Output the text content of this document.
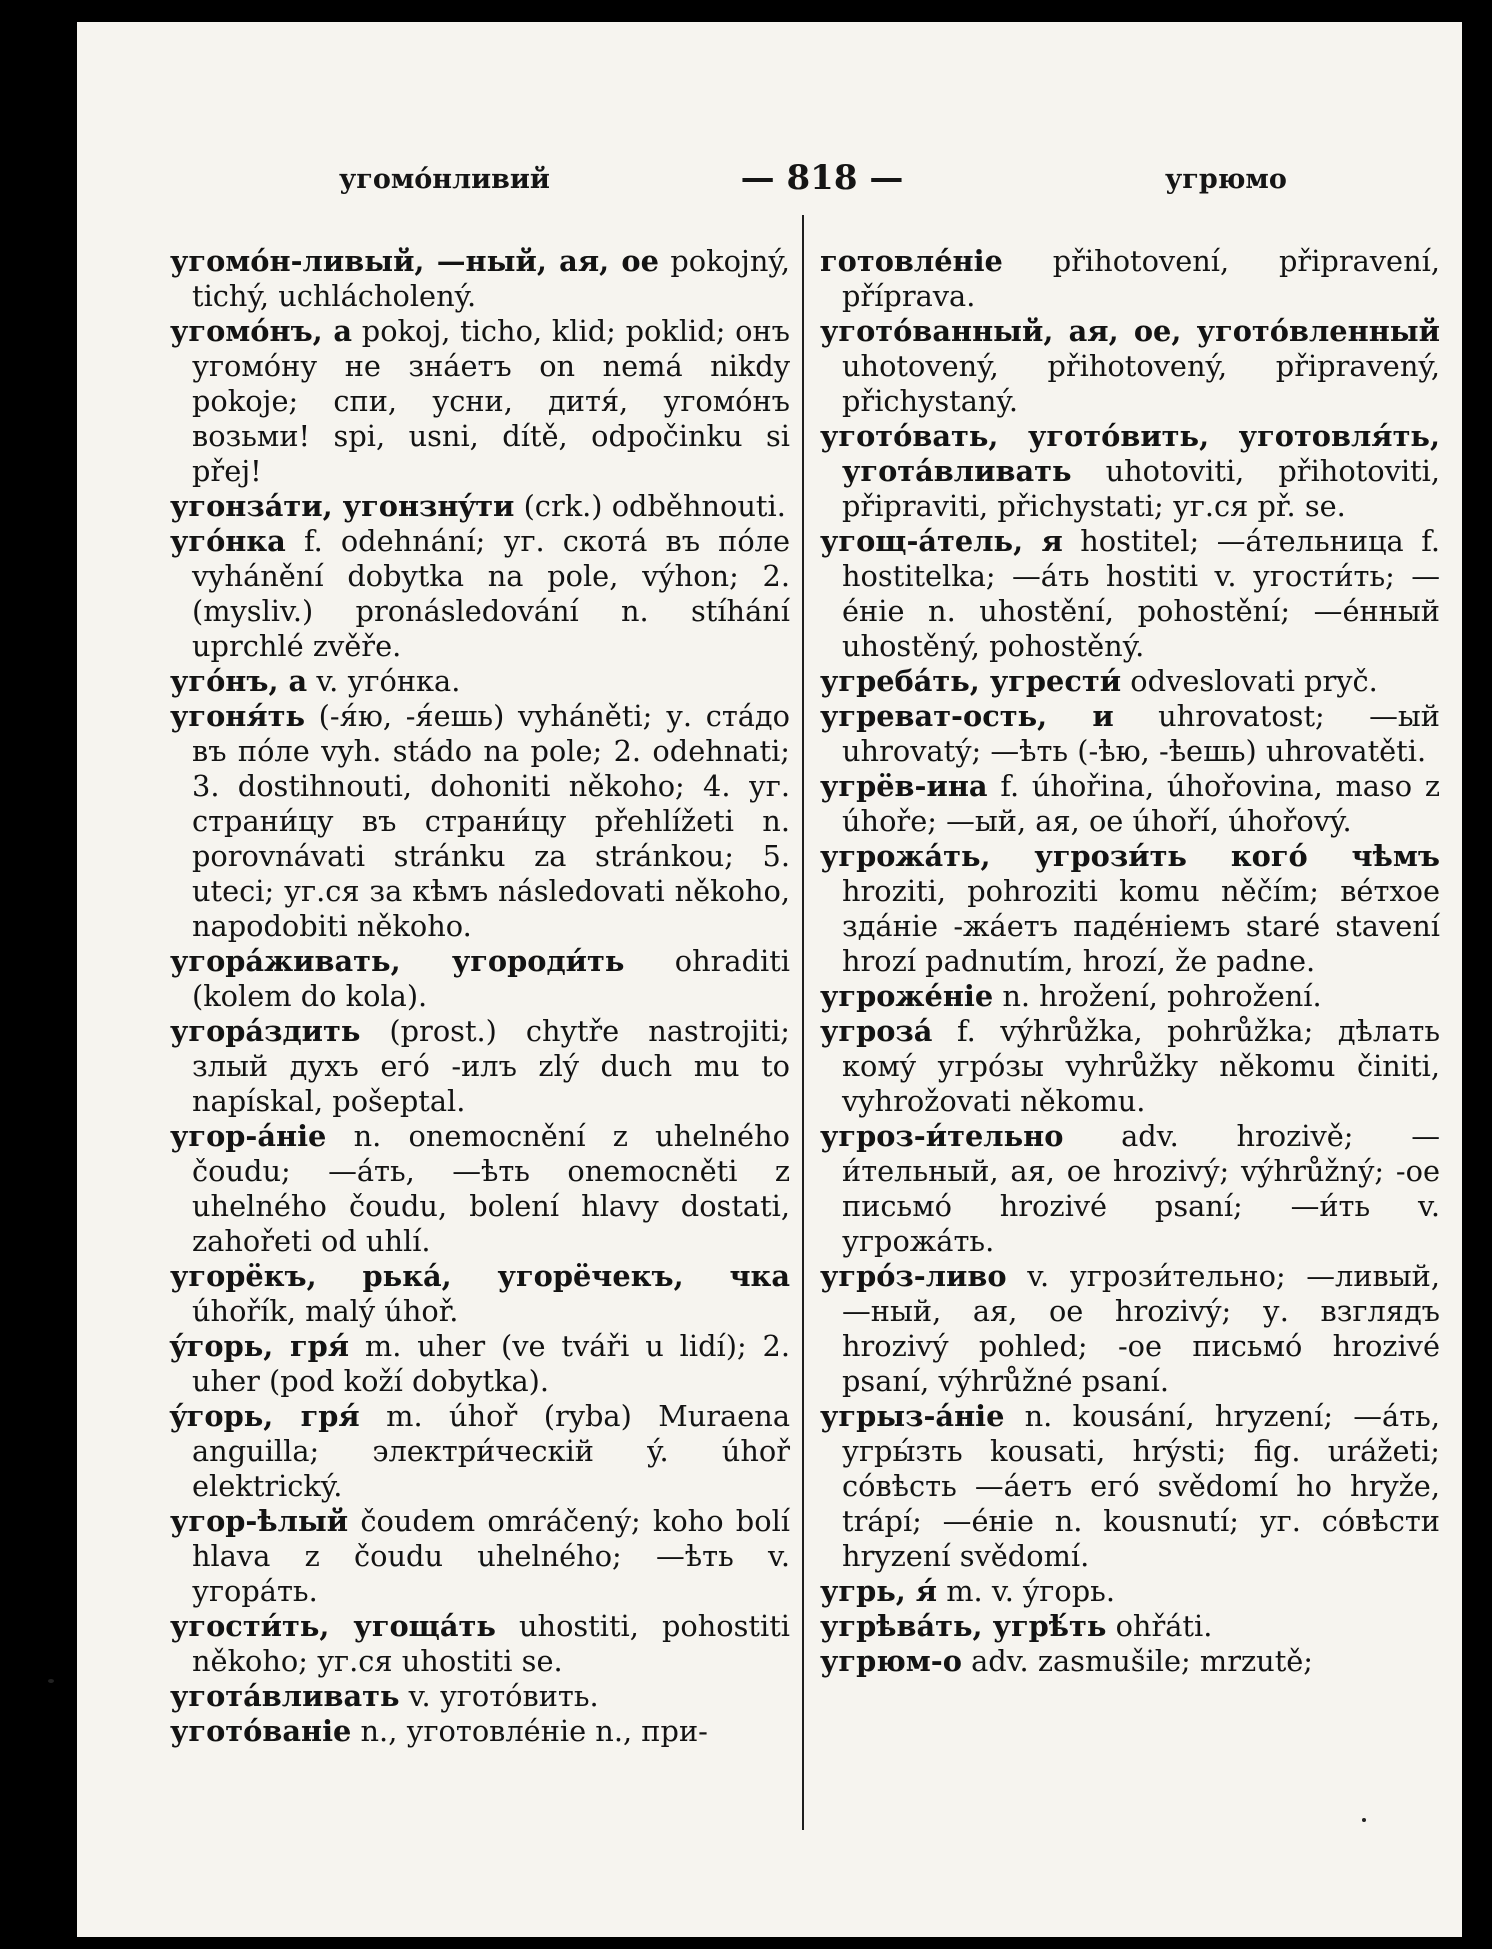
угомóнливий	— 818 —	угрюмо

угомóн-ливый, —ный, ая, ое pokojný, tichý, uchlácholený.

угомóнъ, а pokoj, ticho, klid; poklid; онъ угомóну не знáетъ on nemá nikdy pokoje; спи, усни, дитя́, угомóнъ возьми! spi, usni, dítě, odpočinku si přej!

угонзáти, угонзнýти (crk.) odběhnouti.

угóнка f. odehnání; уг. скотá въ пóле vyhánění dobytka na pole, výhon; 2. (mysliv.) pronásledování n. stíhání uprchlé zvěře.

угóнъ, а v. угóнка.

угоня́ть (-я́ю, -я́ешь) vyháněti; у. стáдо въ пóле vyh. stádo na pole; 2. odehnati; 3. dostihnouti, dohoniti někoho; 4. уг. страни́цу въ страни́цу přehlížeti n. porovnávati stránku za stránkou; 5. uteci; уг.ся за кѣмъ následovati někoho, napodobiti někoho.

угорáживать, угороди́ть ohraditi (kolem do kola).

угорáздить (prost.) chytře nastrojiti; злый духъ его́ -илъ zlý duch mu to napískal, pošeptal.

угор-áніе n. onemocnění z uhelného čoudu; —áть, —ѣть onemocněti z uhelného čoudu, bolení hlavy dostati, zahořeti od uhlí.

угорёкъ, рькá, угорёчекъ, чка úhořík, malý úhoř.

ýгорь, гря́ m. uher (ve tváři u lidí); 2. uher (pod koží dobytka).

ýгорь, гря́ m. úhoř (ryba) Muraena anguilla; электри́ческій ý. úhoř elektrický.

угор-ѣлый čoudem omráčený; koho bolí hlava z čoudu uhelného; —ѣть v. угорáть.

угости́ть, угощáть uhostiti, pohostiti někoho; уг.ся uhostiti se.

уготáвливать v. уготóвить.

уготóваніе n., уготовлéніе n., при-

готовлéніе přihotovení, připravení, příprava.

уготóванный, ая, ое, уготóвленный uhotovený, přihotovený, připravený, přichystaný.

уготóвать, уготóвить, уготовля́ть, уготáвливать uhotoviti, přihotoviti, připraviti, přichystati; уг.ся př. se.

угощ-áтель, я hostitel; —áтельница f. hostitelka; —áть hostiti v. угости́ть; —éніе n. uhostění, pohostění; —éнный uhostěný, pohostěný.

угребáть, угрести́ odveslovati pryč.

угреват-ость, и uhrovatost; —ый uhrovatý; —ѣть (-ѣю, -ѣешь) uhrovatěti.

угрёв-ина f. úhořina, úhořovina, maso z úhoře; —ый, ая, ое úhoří, úhořový.

угрожáть, угрози́ть кого́ чѣмъ hroziti, pohroziti komu něčím; вéтхое здáніе -жáетъ падéніемъ staré stavení hrozí padnutím, hrozí, že padne.

угрожéніе n. hrožení, pohrožení.

угрозá f. výhrůžka, pohrůžka; дѣлать комý угрóзы vyhrůžky někomu činiti, vyhrožovati někomu.

угроз-и́тельно adv. hrozivě; —и́тельный, ая, ое hrozivý; výhrůžný; -ое письмó hrozivé psaní; —и́ть v. угрожáть.

угрóз-ливо v. угрози́тельно; —ливый, —ный, ая, ое hrozivý; у. взглядъ hrozivý pohled; -ое письмó hrozivé psaní, výhrůžné psaní.

угрыз-áніе n. kousání, hryzení; —áть, угры́зть kousati, hrýsti; fig. urážeti; сóвѣсть —áетъ его́ svědomí ho hryže, trápí; —éніе n. kousnutí; уг. сóвѣсти hryzení svědomí.

угрь, я́ m. v. ýгорь.

угрѣвáть, угрѣ́ть ohřáti.

угрюм-о adv. zasmušile; mrzutě;
